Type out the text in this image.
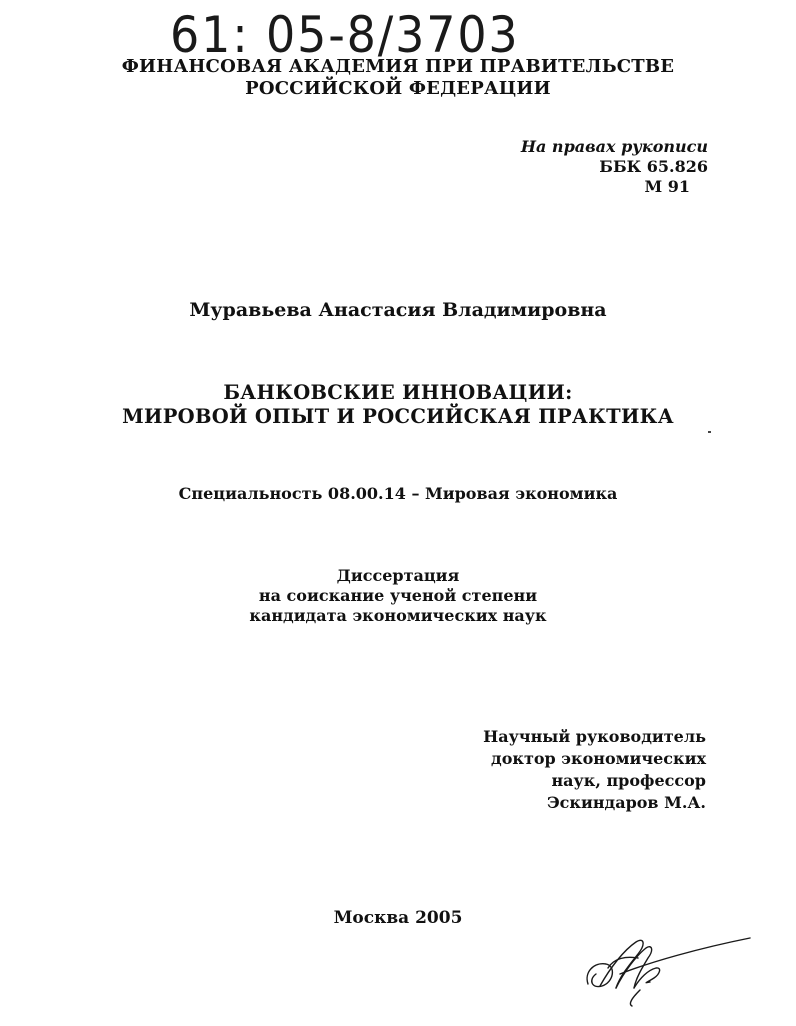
61: 05-8/3703
ФИНАНСОВАЯ АКАДЕМИЯ ПРИ ПРАВИТЕЛЬСТВЕ
РОССИЙСКОЙ ФЕДЕРАЦИИ
На правах рукописи
ББК 65.826
М 91
Муравьева Анастасия Владимировна
БАНКОВСКИЕ ИННОВАЦИИ:
МИРОВОЙ ОПЫТ И РОССИЙСКАЯ ПРАКТИКА
Специальность 08.00.14 – Мировая экономика
Диссертация
на соискание ученой степени
кандидата экономических наук
Научный руководитель
доктор экономических
наук, профессор
Эскиндаров М.А.
Москва 2005
